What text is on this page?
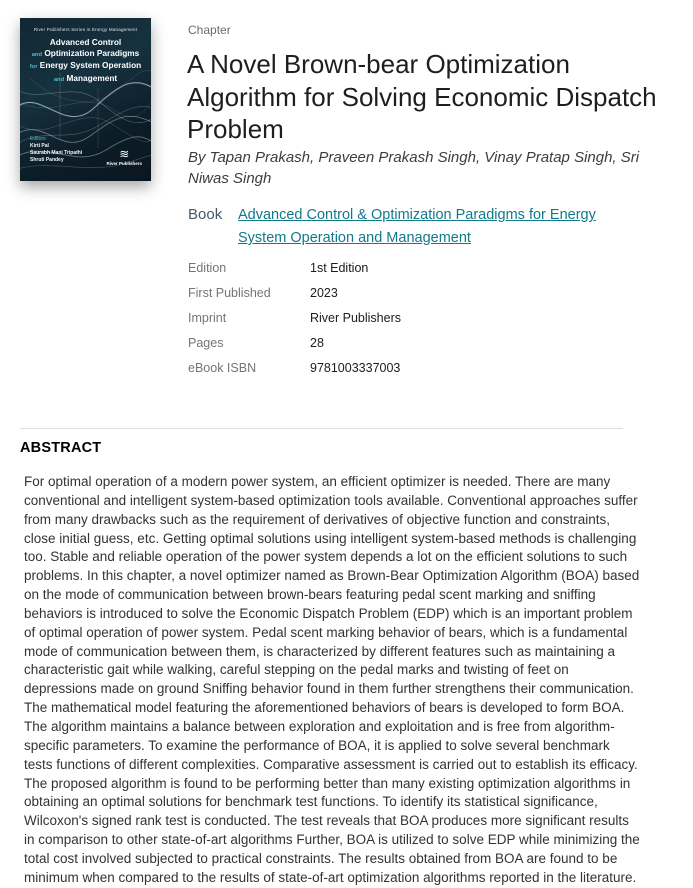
River Publishers Series in Energy Management
Advanced Control
and Optimization Paradigms
for Energy System Operation
and Management
Editors:
Kirti Pal
Saurabh Mani Tripathi
Shruti Pandey	≋
River Publishers
Chapter
A Novel Brown-bear Optimization Algorithm for Solving Economic Dispatch Problem
By Tapan Prakash, Praveen Prakash Singh, Vinay Pratap Singh, Sri Niwas Singh
Book	Advanced Control & Optimization Paradigms for Energy System Operation and Management
Edition	1st Edition
First Published	2023
Imprint	River Publishers
Pages	28
eBook ISBN	9781003337003
ABSTRACT
For optimal operation of a modern power system, an efficient optimizer is needed. There are many conventional and intelligent system-based optimization tools available. Conventional approaches suffer from many drawbacks such as the requirement of derivatives of objective function and constraints, close initial guess, etc. Getting optimal solutions using intelligent system-based methods is challenging too. Stable and reliable operation of the power system depends a lot on the efficient solutions to such problems. In this chapter, a novel optimizer named as Brown-Bear Optimization Algorithm (BOA) based on the mode of communication between brown-bears featuring pedal scent marking and sniffing behaviors is introduced to solve the Economic Dispatch Problem (EDP) which is an important problem of optimal operation of power system. Pedal scent marking behavior of bears, which is a fundamental mode of communication between them, is characterized by different features such as maintaining a characteristic gait while walking, careful stepping on the pedal marks and twisting of feet on depressions made on ground Sniffing behavior found in them further strengthens their communication. The mathematical model featuring the aforementioned behaviors of bears is developed to form BOA. The algorithm maintains a balance between exploration and exploitation and is free from algorithm-specific parameters. To examine the performance of BOA, it is applied to solve several benchmark tests functions of different complexities. Comparative assessment is carried out to establish its efficacy. The proposed algorithm is found to be performing better than many existing optimization algorithms in obtaining an optimal solutions for benchmark test functions. To identify its statistical significance, Wilcoxon's signed rank test is conducted. The test reveals that BOA produces more significant results in comparison to other state-of-art algorithms Further, BOA is utilized to solve EDP while minimizing the total cost involved subjected to practical constraints. The results obtained from BOA are found to be minimum when compared to the results of state-of-art optimization algorithms reported in the literature.
